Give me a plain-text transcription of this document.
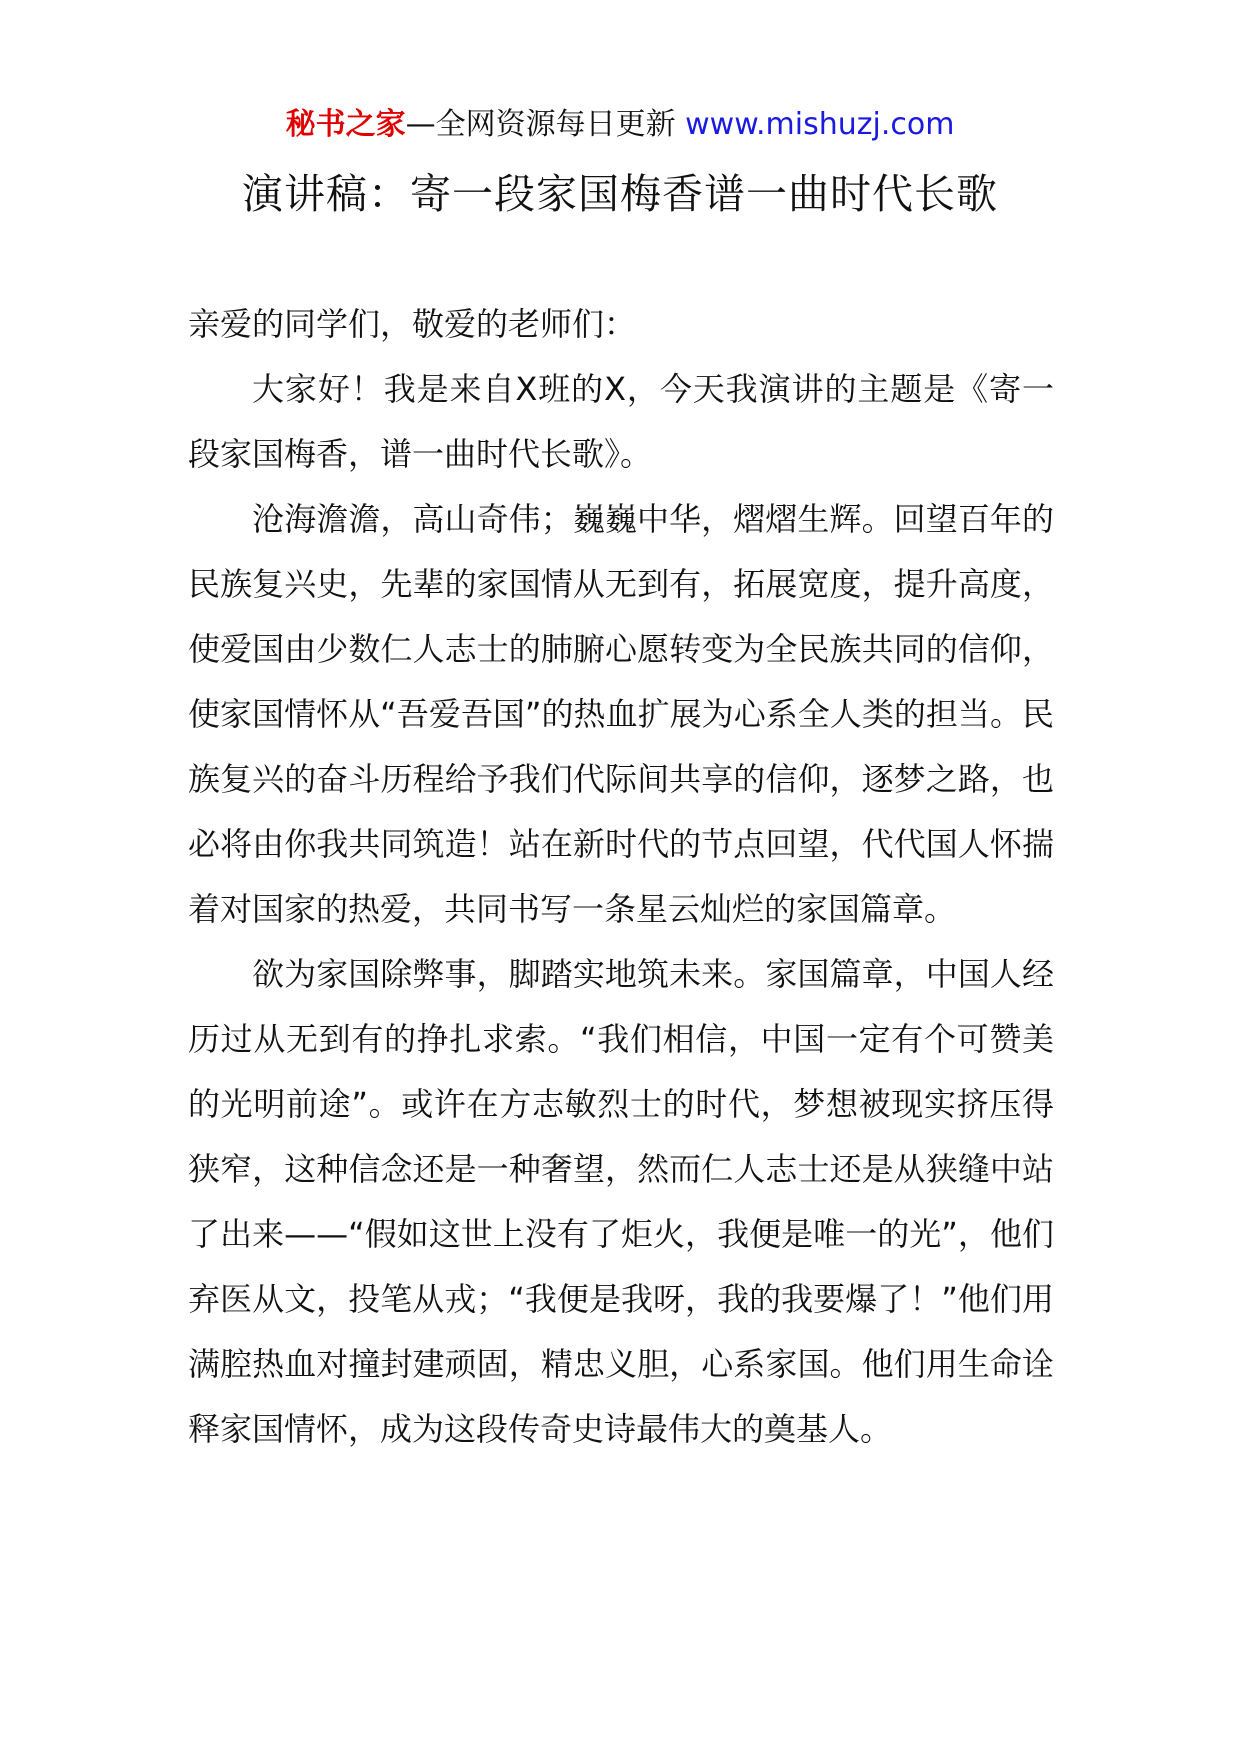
秘书之家—全网资源每日更新 www.mishuzj.com
演讲稿：寄一段家国梅香谱一曲时代长歌

亲爱的同学们，敬爱的老师们：

大家好！我是来自X班的X，今天我演讲的主题是《寄一段家国梅香，谱一曲时代长歌》。

沧海澹澹，高山奇伟；巍巍中华，熠熠生辉。回望百年的民族复兴史，先辈的家国情从无到有，拓展宽度，提升高度，使爱国由少数仁人志士的肺腑心愿转变为全民族共同的信仰，使家国情怀从“吾爱吾国”的热血扩展为心系全人类的担当。民族复兴的奋斗历程给予我们代际间共享的信仰，逐梦之路，也必将由你我共同筑造！站在新时代的节点回望，代代国人怀揣着对国家的热爱，共同书写一条星云灿烂的家国篇章。

欲为家国除弊事，脚踏实地筑未来。家国篇章，中国人经历过从无到有的挣扎求索。“我们相信，中国一定有个可赞美的光明前途”。或许在方志敏烈士的时代，梦想被现实挤压得狭窄，这种信念还是一种奢望，然而仁人志士还是从狭缝中站了出来——“假如这世上没有了炬火，我便是唯一的光”，他们弃医从文，投笔从戎；“我便是我呀，我的我要爆了！”他们用满腔热血对撞封建顽固，精忠义胆，心系家国。他们用生命诠释家国情怀，成为这段传奇史诗最伟大的奠基人。
